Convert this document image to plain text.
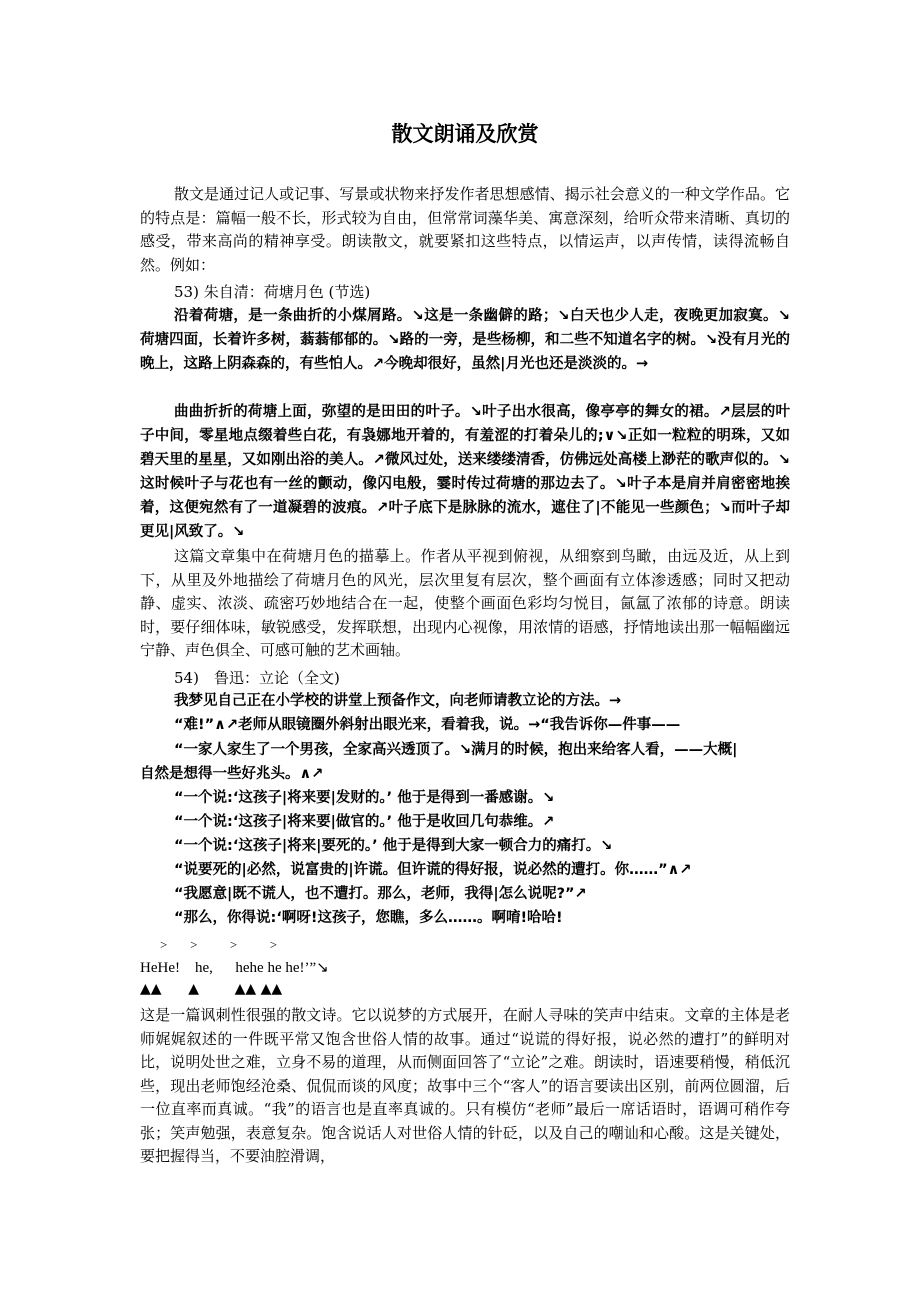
散文朗诵及欣赏

散文是通过记人或记事、写景或状物来抒发作者思想感情、揭示社会意义的一种文学作品。它的特点是：篇幅一般不长，形式较为自由，但常常词藻华美、寓意深刻，给听众带来清晰、真切的感受，带来高尚的精神享受。朗读散文，就要紧扣这些特点，以情运声，以声传情，读得流畅自然。例如：

53) 朱自清：荷塘月色 (节选)

沿着荷塘，是一条曲折的小煤屑路。↘这是一条幽僻的路；↘白天也少人走，夜晚更加寂寞。↘荷塘四面，长着许多树，蓊蓊郁郁的。↘路的一旁，是些杨柳，和二些不知道名字的树。↘没有月光的晚上，这路上阴森森的，有些怕人。↗今晚却很好，虽然|月光也还是淡淡的。→

曲曲折折的荷塘上面，弥望的是田田的叶子。↘叶子出水很高，像亭亭的舞女的裙。↗层层的叶子中间，零星地点缀着些白花，有袅娜地开着的，有羞涩的打着朵儿的;∨↘正如一粒粒的明珠，又如碧天里的星星，又如刚出浴的美人。↗微风过处，送来缕缕清香，仿佛远处高楼上渺茫的歌声似的。↘这时候叶子与花也有一丝的颤动，像闪电般，霎时传过荷塘的那边去了。↘叶子本是肩并肩密密地挨着，这便宛然有了一道凝碧的波痕。↗叶子底下是脉脉的流水，遮住了|不能见一些颜色；↘而叶子却更见|风致了。↘

这篇文章集中在荷塘月色的描摹上。作者从平视到俯视，从细察到鸟瞰，由远及近，从上到下，从里及外地描绘了荷塘月色的风光，层次里复有层次，整个画面有立体渗透感；同时又把动静、虚实、浓淡、疏密巧妙地结合在一起，使整个画面色彩均匀悦目，氤氲了浓郁的诗意。朗读时，要仔细体味，敏锐感受，发挥联想，出现内心视像，用浓情的语感，抒情地读出那一幅幅幽远宁静、声色俱全、可感可触的艺术画轴。

54)　鲁迅：立论（全文)

我梦见自己正在小学校的讲堂上预备作文，向老师请教立论的方法。→

“难!”∧↗老师从眼镜圈外斜射出眼光来，看着我，说。→“我告诉你—件事——

“一家人家生了一个男孩，全家高兴透顶了。↘满月的时候，抱出来给客人看，——大概|

自然是想得一些好兆头。∧↗

“一个说:‘这孩子|将来要|发财的。’ 他于是得到一番感谢。↘

“一个说:‘这孩子|将来要|做官的。’ 他于是收回几句恭维。↗

“一个说:‘这孩子|将来|要死的。’ 他于是得到大家一顿合力的痛打。↘

“说要死的|必然，说富贵的|许谎。但许谎的得好报，说必然的遭打。你……”∧↗

“我愿意|既不谎人，也不遭打。那么，老师，我得|怎么说呢?”↗

“那么，你得说:‘啊呀!这孩子，您瞧，多么……。啊唷!哈哈!

>       >          >          >
HeHe!    he,      hehe he he!’”↘
▲▲      ▲        ▲▲ ▲▲

这是一篇讽刺性很强的散文诗。它以说梦的方式展开，在耐人寻味的笑声中结束。文章的主体是老师娓娓叙述的一件既平常又饱含世俗人情的故事。通过“说谎的得好报，说必然的遭打”的鲜明对比，说明处世之难，立身不易的道理，从而侧面回答了“立论”之难。朗读时，语速要稍慢，稍低沉些，现出老师饱经沧桑、侃侃而谈的风度；故事中三个“客人”的语言要读出区别，前两位圆溜，后一位直率而真诚。“我”的语言也是直率真诚的。只有模仿“老师”最后一席话语时，语调可稍作夸张；笑声勉强，表意复杂。饱含说话人对世俗人情的针砭，以及自己的嘲讪和心酸。这是关键处，要把握得当，不要油腔滑调，
